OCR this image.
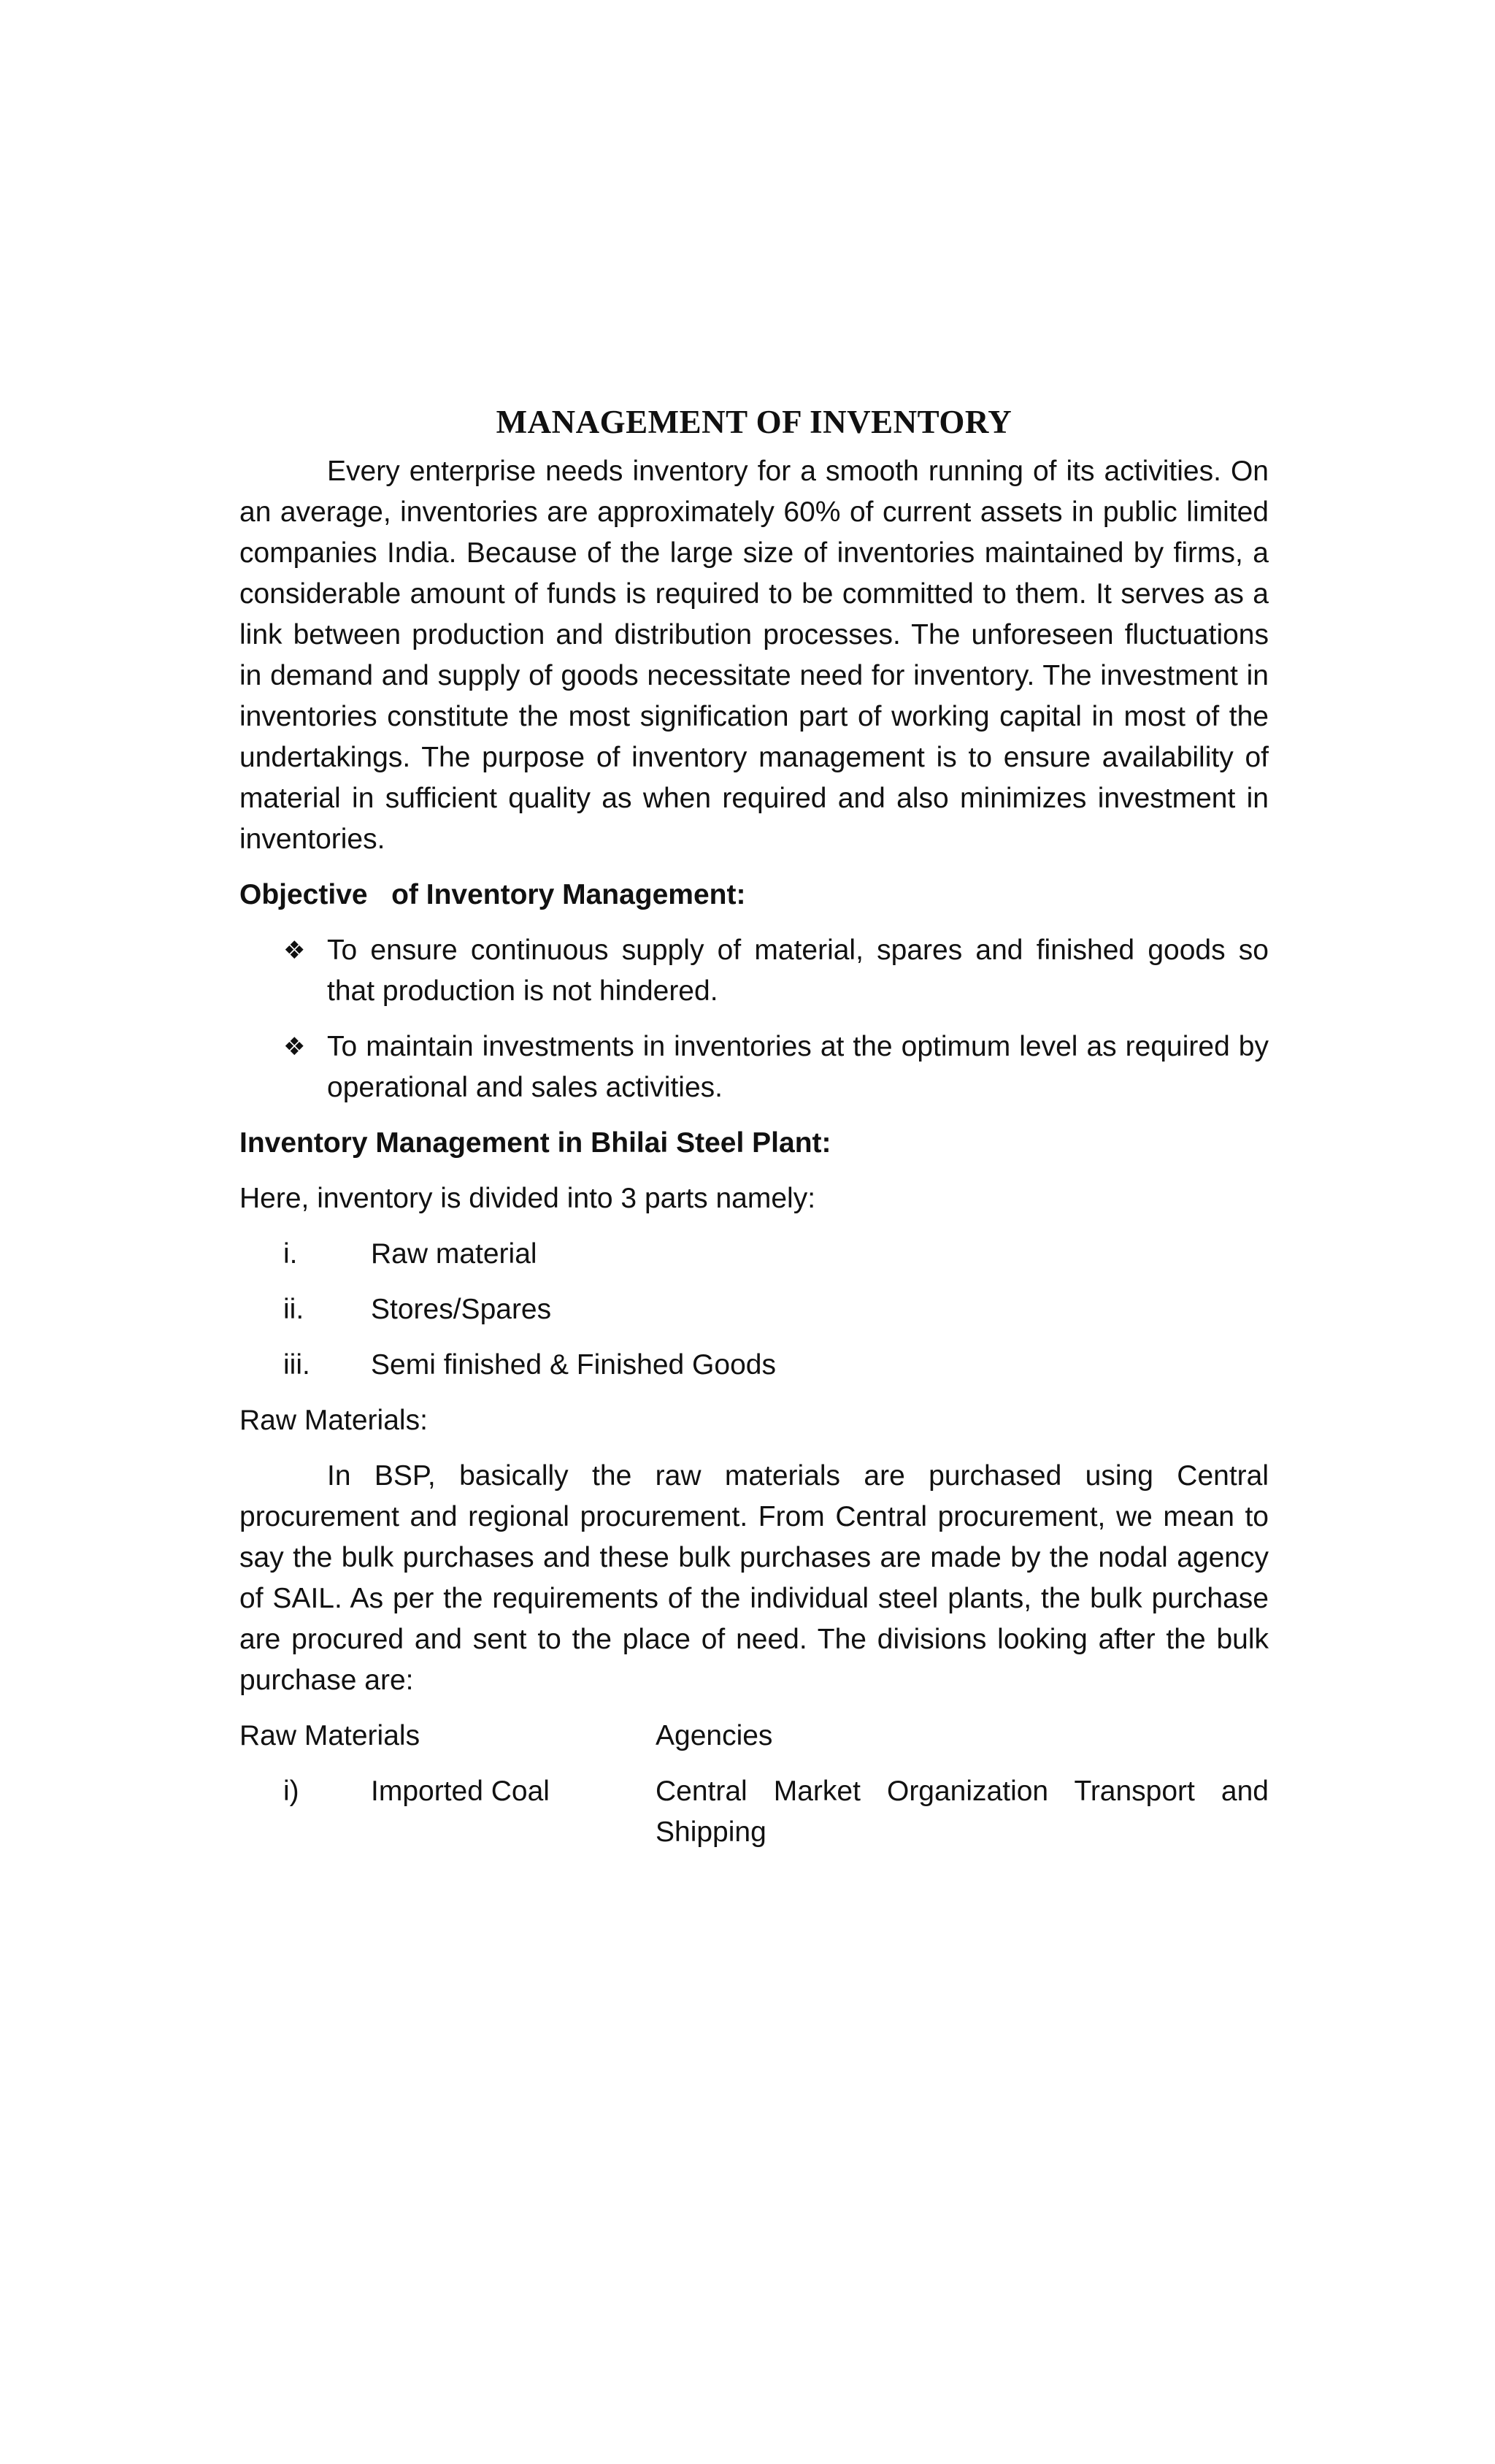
MANAGEMENT OF INVENTORY

Every enterprise needs inventory for a smooth running of its activities. On an average, inventories are approximately 60% of current assets in public limited companies India. Because of the large size of inventories maintained by firms, a considerable amount of funds is required to be committed to them. It serves as a link between production and distribution processes. The unforeseen fluctuations in demand and supply of goods necessitate need for inventory. The investment in inventories constitute the most signification part of working capital in most of the undertakings. The purpose of inventory management is to ensure availability of material in sufficient quality as when required and also minimizes investment in inventories.

Objective   of Inventory Management:

❖ To ensure continuous supply of material, spares and finished goods so that production is not hindered.
❖ To maintain investments in inventories at the optimum level as required by operational and sales activities.

Inventory Management in Bhilai Steel Plant:

Here, inventory is divided into 3 parts namely:

i.	Raw material
ii. Stores/Spares
iii. Semi finished & Finished Goods

Raw Materials:

In BSP, basically the raw materials are purchased using Central procurement and regional procurement. From Central procurement, we mean to say the bulk purchases and these bulk purchases are made by the nodal agency of SAIL. As per the requirements of the individual steel plants, the bulk purchase are procured and sent to the place of need. The divisions looking after the bulk purchase are:

Raw Materials	Agencies
i)	Imported Coal	Central Market Organization Transport and Shipping
